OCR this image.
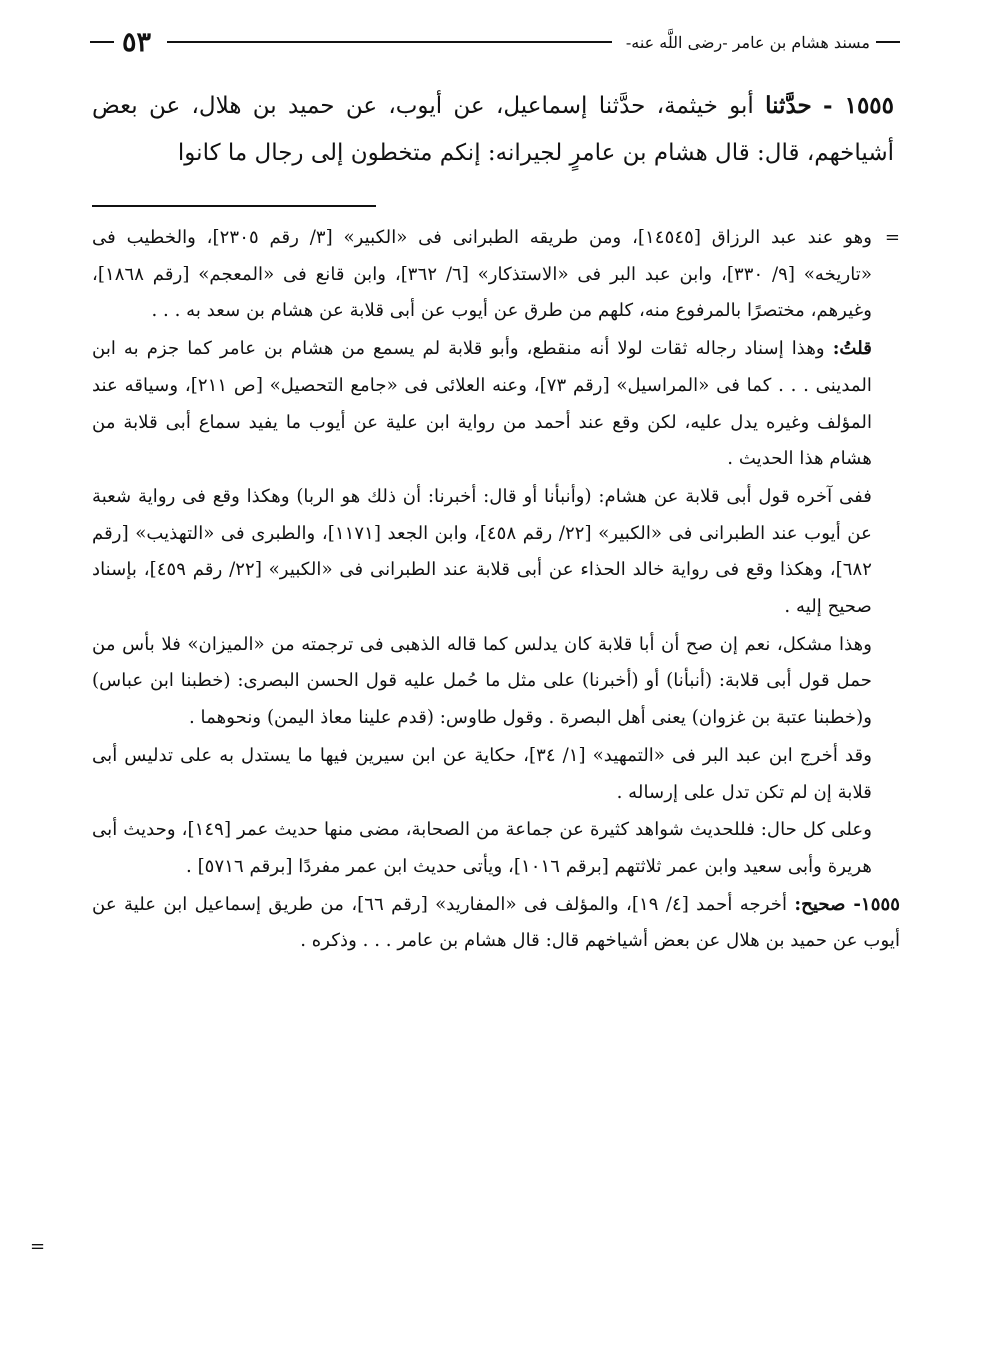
مسند هشام بن عامر -رضى اللَّه عنه-
٥٣
١٥٥٥ - حدَّثنا أبو خيثمة، حدَّثنا إسماعيل، عن أيوب، عن حميد بن هلال، عن بعض أشياخهم، قال: قال هشام بن عامرٍ لجيرانه: إنكم متخطون إلى رجال ما كانوا

=
وهو عند عبد الرزاق [١٤٥٤٥]، ومن طريقه الطبرانى فى «الكبير» [٣/ رقم ٢٣٠٥]، والخطيب فى «تاريخه» [٩/ ٣٣٠]، وابن عبد البر فى «الاستذكار» [٦/ ٣٦٢]، وابن قانع فى «المعجم» [رقم ١٨٦٨]، وغيرهم، مختصرًا بالمرفوع منه، كلهم من طرق عن أيوب عن أبى قلابة عن هشام بن سعد به . . .

قلتُ: وهذا إسناد رجاله ثقات لولا أنه منقطع، وأبو قلابة لم يسمع من هشام بن عامر كما جزم به ابن المدينى . . . كما فى «المراسيل» [رقم ٧٣]، وعنه العلائى فى «جامع التحصيل» [ص ٢١١]، وسياقه عند المؤلف وغيره يدل عليه، لكن وقع عند أحمد من رواية ابن علية عن أيوب ما يفيد سماع أبى قلابة من هشام هذا الحديث .

ففى آخره قول أبى قلابة عن هشام: (وأنبأنا أو قال: أخبرنا: أن ذلك هو الربا) وهكذا وقع فى رواية شعبة عن أيوب عند الطبرانى فى «الكبير» [٢٢/ رقم ٤٥٨]، وابن الجعد [١١٧١]، والطبرى فى «التهذيب» [رقم ٦٨٢]، وهكذا وقع فى رواية خالد الحذاء عن أبى قلابة عند الطبرانى فى «الكبير» [٢٢/ رقم ٤٥٩]، بإسناد صحيح إليه .

وهذا مشكل، نعم إن صح أن أبا قلابة كان يدلس كما قاله الذهبى فى ترجمته من «الميزان» فلا بأس من حمل قول أبى قلابة: (أنبأنا) أو (أخبرنا) على مثل ما حُمل عليه قول الحسن البصرى: (خطبنا ابن عباس) و(خطبنا عتبة بن غزوان) يعنى أهل البصرة . وقول طاوس: (قدم علينا معاذ اليمن) ونحوهما .

وقد أخرج ابن عبد البر فى «التمهيد» [١/ ٣٤]، حكاية عن ابن سيرين فيها ما يستدل به على تدليس أبى قلابة إن لم تكن تدل على إرساله .

وعلى كل حال: فللحديث شواهد كثيرة عن جماعة من الصحابة، مضى منها حديث عمر [١٤٩]، وحديث أبى هريرة وأبى سعيد وابن عمر ثلاثتهم [برقم ١٠١٦]، ويأتى حديث ابن عمر مفردًا [برقم ٥٧١٦] .

١٥٥٥- صحيح: أخرجه أحمد [٤/ ١٩]، والمؤلف فى «المفاريد» [رقم ٦٦]، من طريق إسماعيل ابن علية عن أيوب عن حميد بن هلال عن بعض أشياخهم قال: قال هشام بن عامر . . . وذكره .

=
